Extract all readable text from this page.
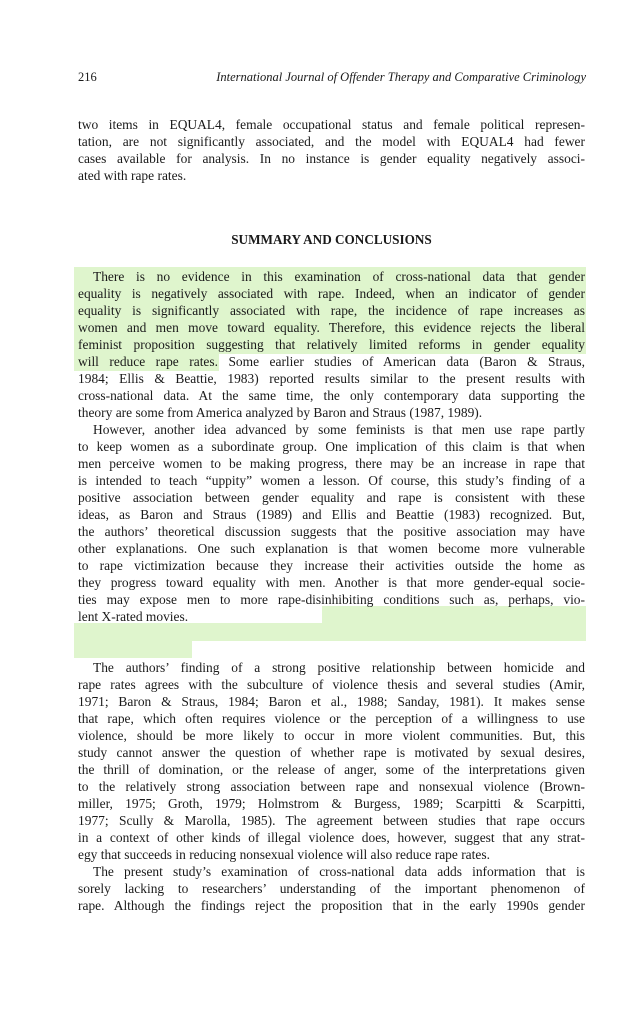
216	International Journal of Offender Therapy and Comparative Criminology
SUMMARY AND CONCLUSIONS
two items in EQUAL4, female occupational status and female political represen-
tation, are not significantly associated, and the model with EQUAL4 had fewer
cases available for analysis. In no instance is gender equality negatively associ-
ated with rape rates.
There is no evidence in this examination of cross-national data that gender
equality is negatively associated with rape. Indeed, when an indicator of gender
equality is significantly associated with rape, the incidence of rape increases as
women and men move toward equality. Therefore, this evidence rejects the liberal
feminist proposition suggesting that relatively limited reforms in gender equality
will reduce rape rates. Some earlier studies of American data (Baron & Straus,
1984; Ellis & Beattie, 1983) reported results similar to the present results with
cross-national data. At the same time, the only contemporary data supporting the
theory are some from America analyzed by Baron and Straus (1987, 1989).
However, another idea advanced by some feminists is that men use rape partly
to keep women as a subordinate group. One implication of this claim is that when
men perceive women to be making progress, there may be an increase in rape that
is intended to teach “uppity” women a lesson. Of course, this study’s finding of a
positive association between gender equality and rape is consistent with these
ideas, as Baron and Straus (1989) and Ellis and Beattie (1983) recognized. But,
the authors’ theoretical discussion suggests that the positive association may have
other explanations. One such explanation is that women become more vulnerable
to rape victimization because they increase their activities outside the home as
they progress toward equality with men. Another is that more gender-equal socie-
ties may expose men to more rape-disinhibiting conditions such as, perhaps, vio-
lent X-rated movies.
The authors’ finding of a strong positive relationship between homicide and
rape rates agrees with the subculture of violence thesis and several studies (Amir,
1971; Baron & Straus, 1984; Baron et al., 1988; Sanday, 1981). It makes sense
that rape, which often requires violence or the perception of a willingness to use
violence, should be more likely to occur in more violent communities. But, this
study cannot answer the question of whether rape is motivated by sexual desires,
the thrill of domination, or the release of anger, some of the interpretations given
to the relatively strong association between rape and nonsexual violence (Brown-
miller, 1975; Groth, 1979; Holmstrom & Burgess, 1989; Scarpitti & Scarpitti,
1977; Scully & Marolla, 1985). The agreement between studies that rape occurs
in a context of other kinds of illegal violence does, however, suggest that any strat-
egy that succeeds in reducing nonsexual violence will also reduce rape rates.
The present study’s examination of cross-national data adds information that is
sorely lacking to researchers’ understanding of the important phenomenon of
rape. Although the findings reject the proposition that in the early 1990s gender
